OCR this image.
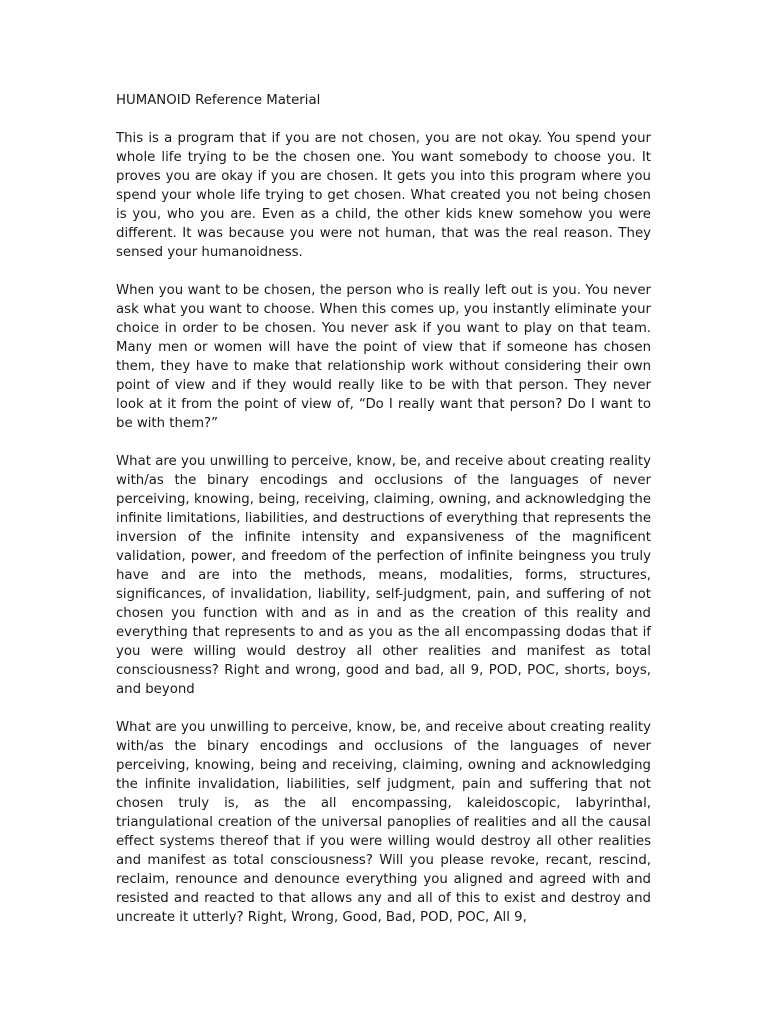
HUMANOID Reference Material

This is a program that if you are not chosen, you are not okay. You spend your whole life trying to be the chosen one. You want somebody to choose you. It proves you are okay if you are chosen. It gets you into this program where you spend your whole life trying to get chosen. What created you not being chosen is you, who you are. Even as a child, the other kids knew somehow you were different. It was because you were not human, that was the real reason. They sensed your humanoidness.

When you want to be chosen, the person who is really left out is you. You never ask what you want to choose. When this comes up, you instantly eliminate your choice in order to be chosen. You never ask if you want to play on that team. Many men or women will have the point of view that if someone has chosen them, they have to make that relationship work without considering their own point of view and if they would really like to be with that person. They never look at it from the point of view of, “Do I really want that person? Do I want to be with them?”

What are you unwilling to perceive, know, be, and receive about creating reality with/as the binary encodings and occlusions of the languages of never perceiving, knowing, being, receiving, claiming, owning, and acknowledging the infinite limitations, liabilities, and destructions of everything that represents the inversion of the infinite intensity and expansiveness of the magnificent validation, power, and freedom of the perfection of infinite beingness you truly have and are into the methods, means, modalities, forms, structures, significances, of invalidation, liability, self-judgment, pain, and suffering of not chosen you function with and as in and as the creation of this reality and everything that represents to and as you as the all encompassing dodas that if you were willing would destroy all other realities and manifest as total consciousness? Right and wrong, good and bad, all 9, POD, POC, shorts, boys, and beyond

What are you unwilling to perceive, know, be, and receive about creating reality with/as the binary encodings and occlusions of the languages of never perceiving, knowing, being and receiving, claiming, owning and acknowledging the infinite invalidation, liabilities, self judgment, pain and suffering that not chosen truly is, as the all encompassing, kaleidoscopic, labyrinthal, triangulational creation of the universal panoplies of realities and all the causal effect systems thereof that if you were willing would destroy all other realities and manifest as total consciousness? Will you please revoke, recant, rescind, reclaim, renounce and denounce everything you aligned and agreed with and resisted and reacted to that allows any and all of this to exist and destroy and uncreate it utterly? Right, Wrong, Good, Bad, POD, POC, All 9,
